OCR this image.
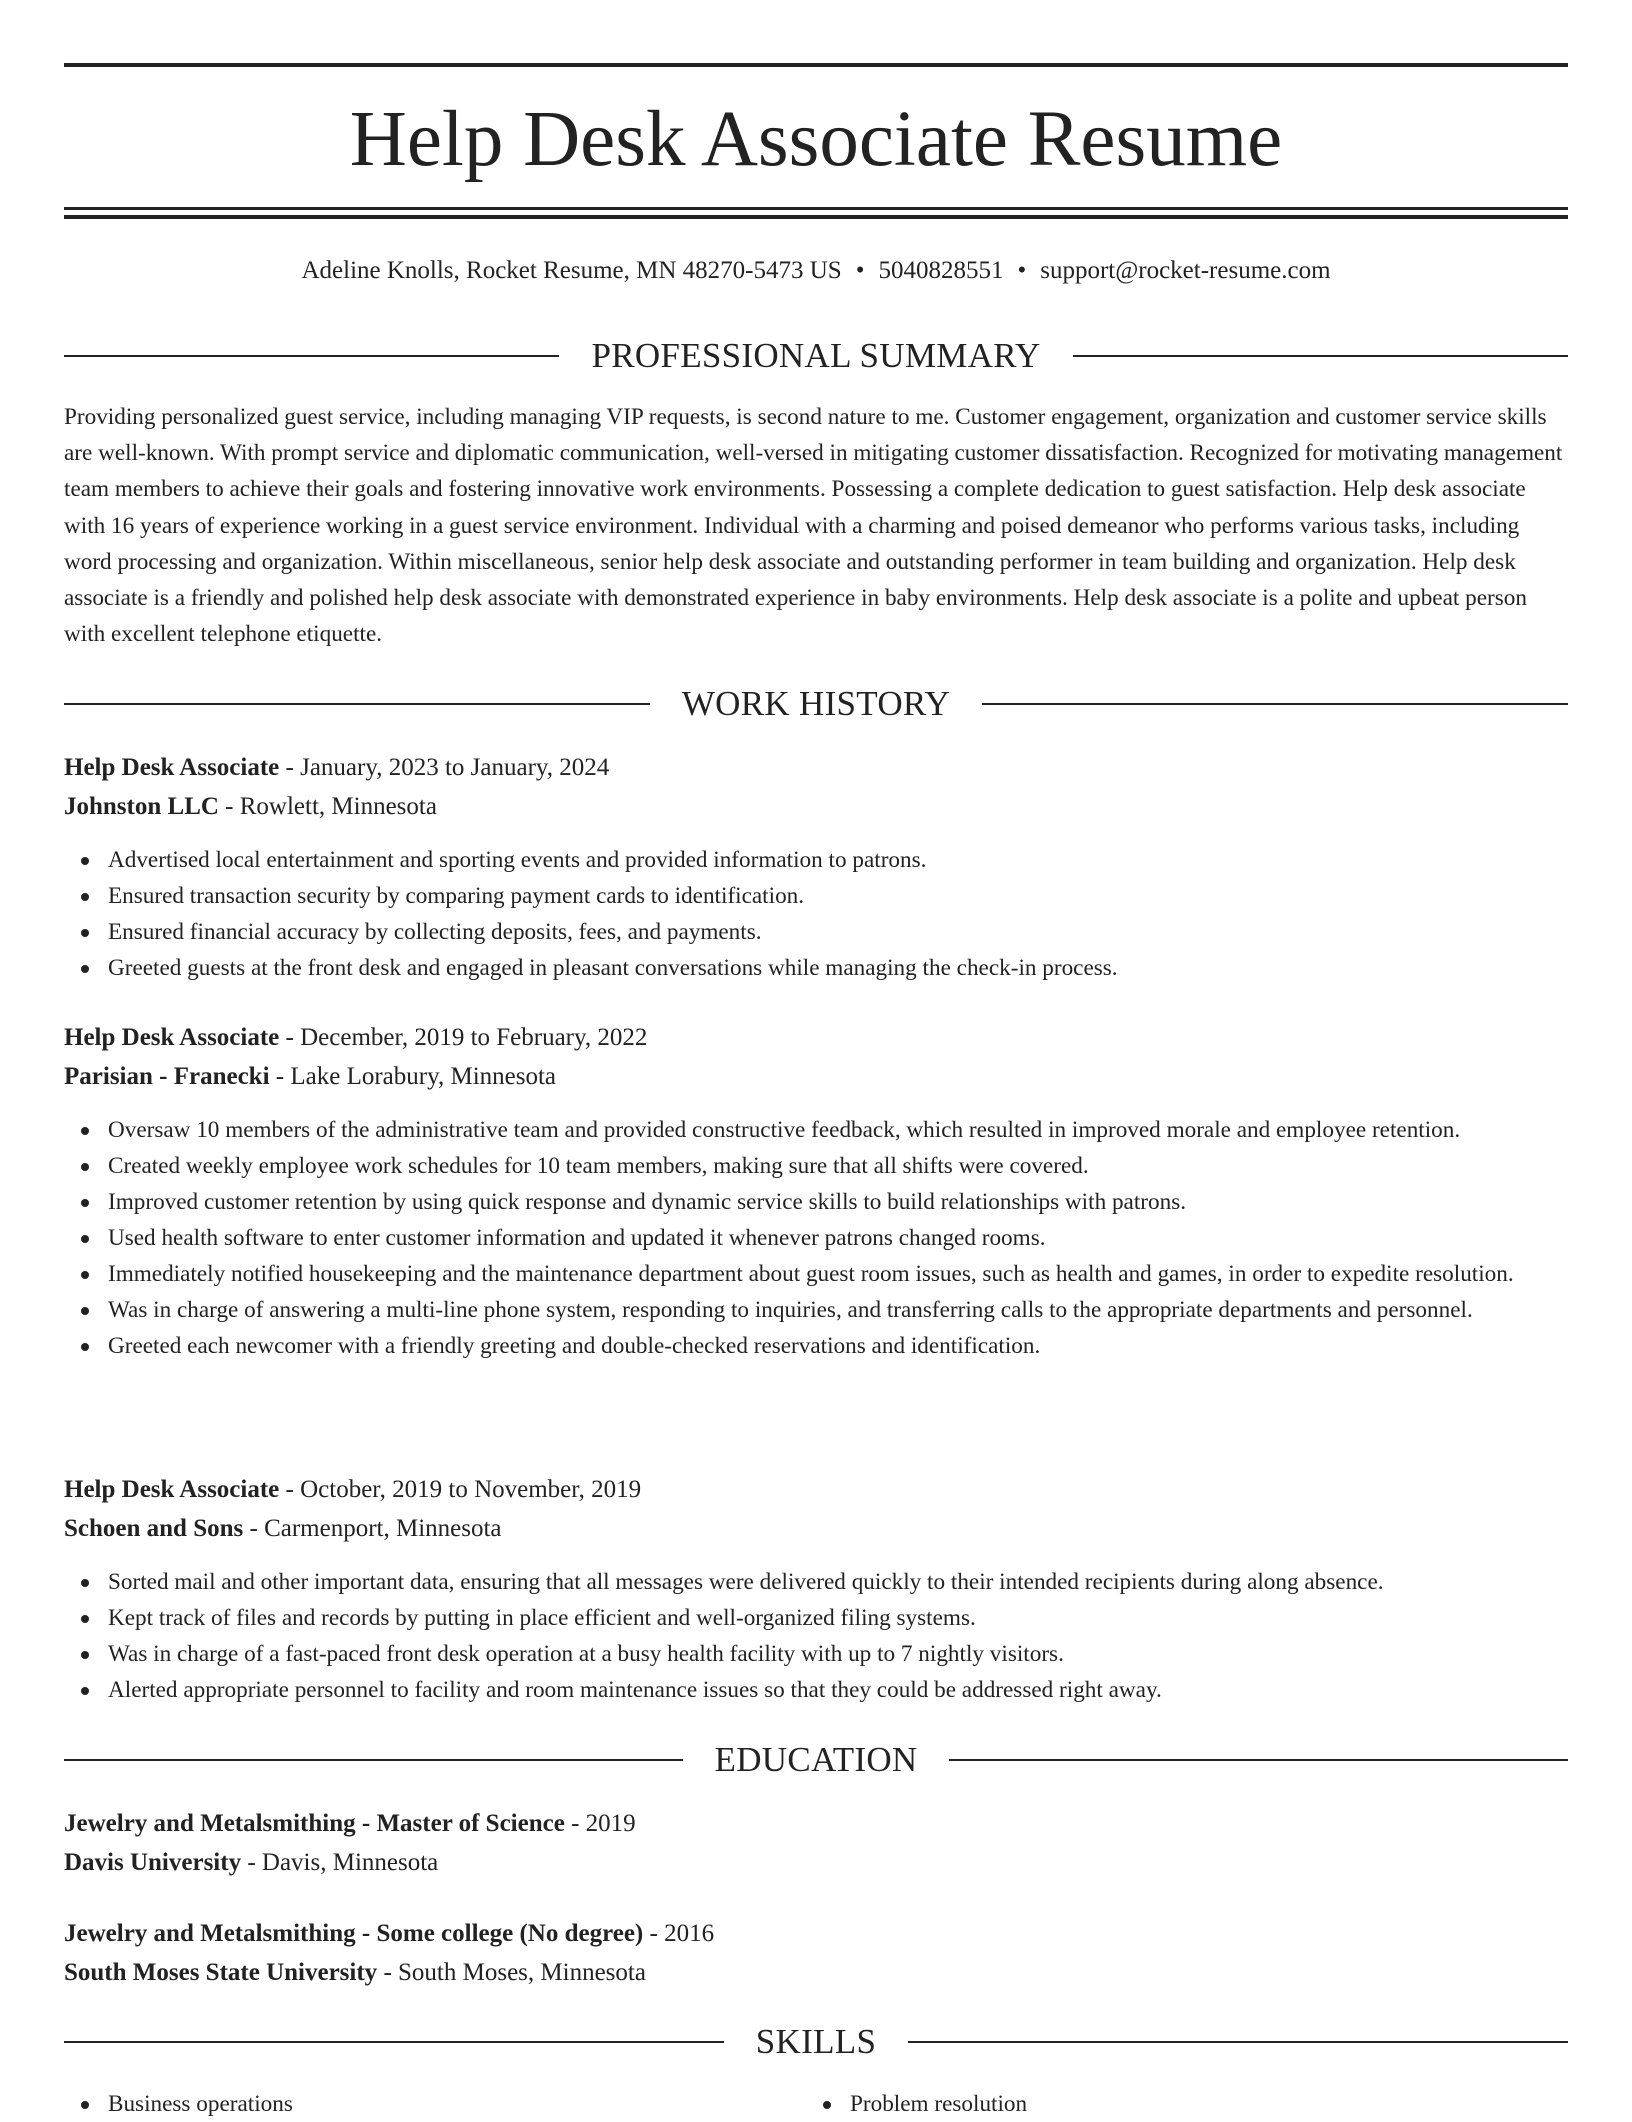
Help Desk Associate Resume
Adeline Knolls, Rocket Resume, MN 48270-5473 US • 5040828551 • support@rocket-resume.com
PROFESSIONAL SUMMARY

Providing personalized guest service, including managing VIP requests, is second nature to me. Customer engagement, organization and customer service skills are well-known. With prompt service and diplomatic communication, well-versed in mitigating customer dissatisfaction. Recognized for motivating management team members to achieve their goals and fostering innovative work environments. Possessing a complete dedication to guest satisfaction. Help desk associate with 16 years of experience working in a guest service environment. Individual with a charming and poised demeanor who performs various tasks, including word processing and organization. Within miscellaneous, senior help desk associate and outstanding performer in team building and organization. Help desk associate is a friendly and polished help desk associate with demonstrated experience in baby environments. Help desk associate is a polite and upbeat person with excellent telephone etiquette.

WORK HISTORY
Help Desk Associate - January, 2023 to January, 2024
Johnston LLC - Rowlett, Minnesota
Advertised local entertainment and sporting events and provided information to patrons.
Ensured transaction security by comparing payment cards to identification.
Ensured financial accuracy by collecting deposits, fees, and payments.
Greeted guests at the front desk and engaged in pleasant conversations while managing the check-in process.
Help Desk Associate - December, 2019 to February, 2022
Parisian - Franecki - Lake Lorabury, Minnesota
Oversaw 10 members of the administrative team and provided constructive feedback, which resulted in improved morale and employee retention.
Created weekly employee work schedules for 10 team members, making sure that all shifts were covered.
Improved customer retention by using quick response and dynamic service skills to build relationships with patrons.
Used health software to enter customer information and updated it whenever patrons changed rooms.
Immediately notified housekeeping and the maintenance department about guest room issues, such as health and games, in order to expedite resolution.
Was in charge of answering a multi-line phone system, responding to inquiries, and transferring calls to the appropriate departments and personnel.
Greeted each newcomer with a friendly greeting and double-checked reservations and identification.
Help Desk Associate - October, 2019 to November, 2019
Schoen and Sons - Carmenport, Minnesota
Sorted mail and other important data, ensuring that all messages were delivered quickly to their intended recipients during along absence.
Kept track of files and records by putting in place efficient and well-organized filing systems.
Was in charge of a fast-paced front desk operation at a busy health facility with up to 7 nightly visitors.
Alerted appropriate personnel to facility and room maintenance issues so that they could be addressed right away.
EDUCATION
Jewelry and Metalsmithing - Master of Science - 2019
Davis University - Davis, Minnesota
Jewelry and Metalsmithing - Some college (No degree) - 2016
South Moses State University - South Moses, Minnesota
SKILLS
Business operations	Problem resolution
